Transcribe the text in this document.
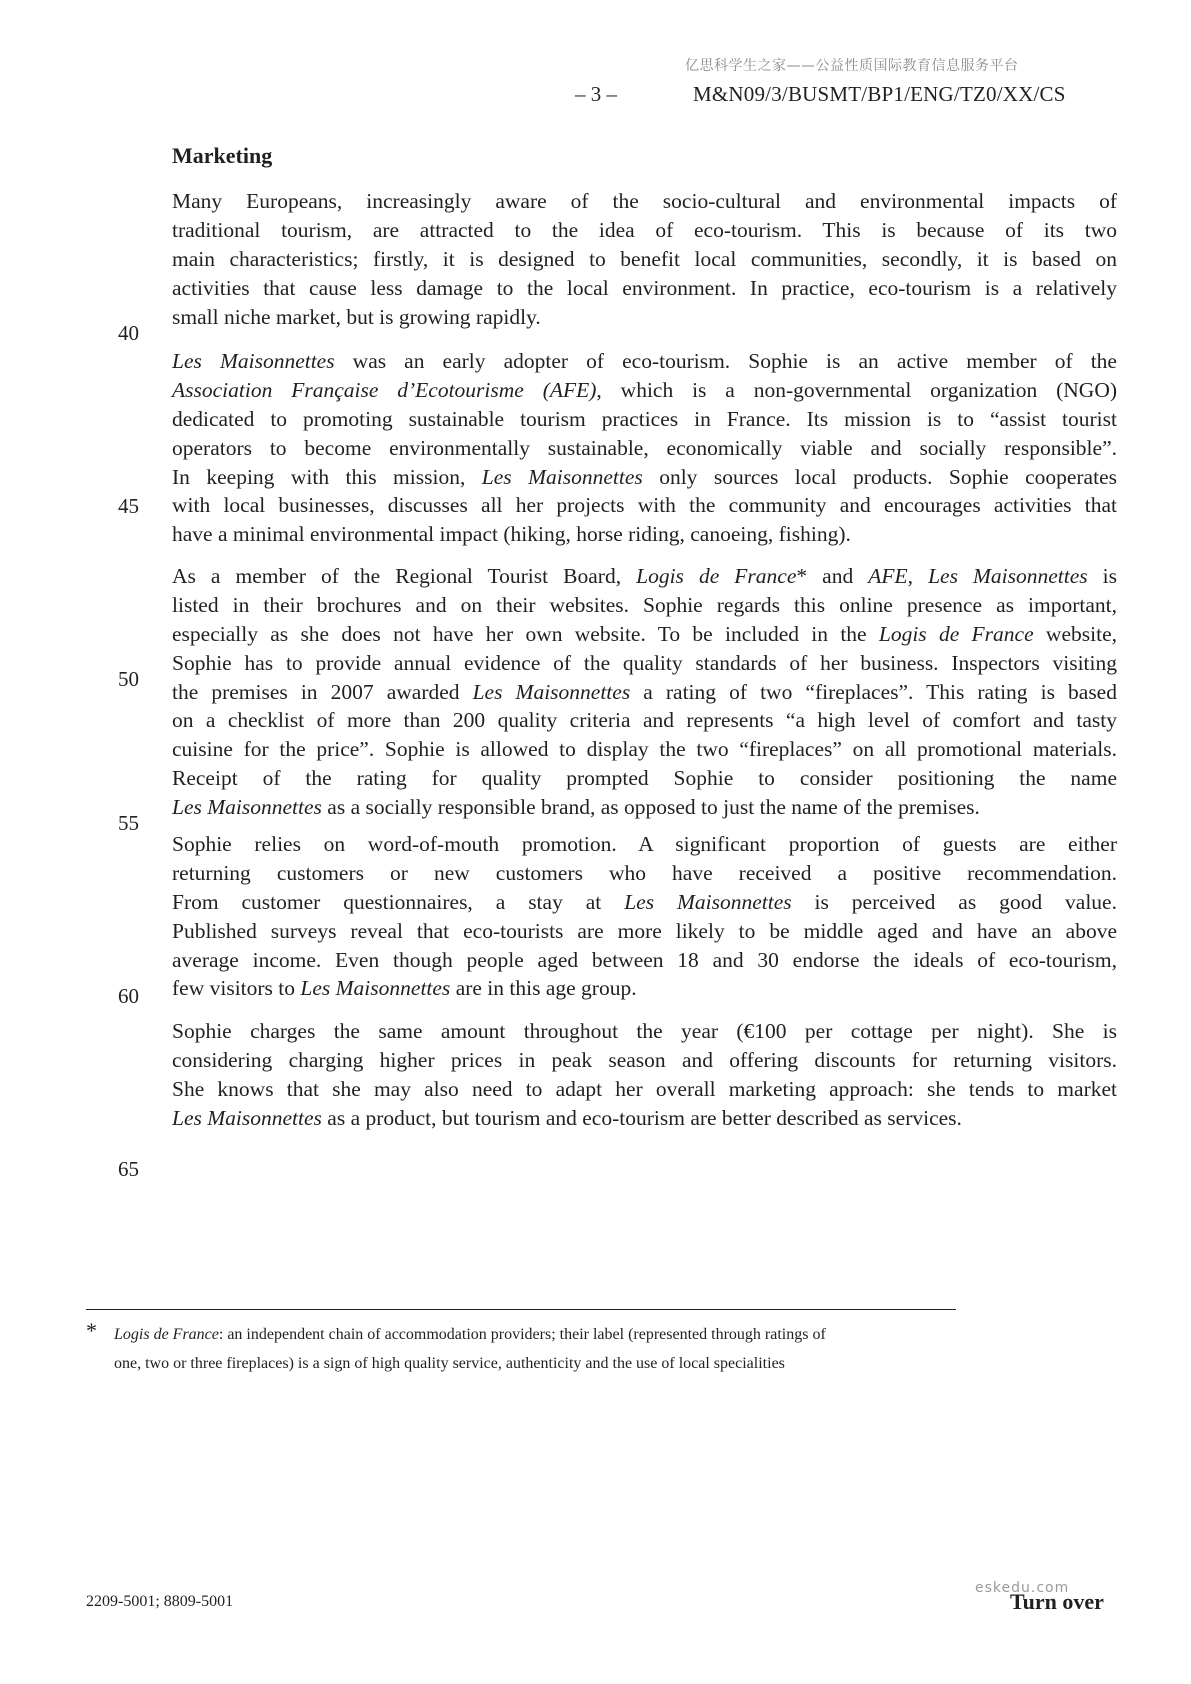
亿思科学生之家——公益性质国际教育信息服务平台
– 3 –	M&N09/3/BUSMT/BP1/ENG/TZ0/XX/CS
Marketing
Many Europeans, increasingly aware of the socio-cultural and environmental impacts of
traditional tourism, are attracted to the idea of eco-tourism. This is because of its two
main characteristics; firstly, it is designed to benefit local communities, secondly, it is based on
activities that cause less damage to the local environment. In practice, eco-tourism is a relatively
small niche market, but is growing rapidly.
Les Maisonnettes was an early adopter of eco-tourism. Sophie is an active member of the
Association Française d’Ecotourisme (AFE), which is a non-governmental organization (NGO)
dedicated to promoting sustainable tourism practices in France. Its mission is to “assist tourist
operators to become environmentally sustainable, economically viable and socially responsible”.
In keeping with this mission, Les Maisonnettes only sources local products. Sophie cooperates
with local businesses, discusses all her projects with the community and encourages activities that
have a minimal environmental impact (hiking, horse riding, canoeing, fishing).
As a member of the Regional Tourist Board, Logis de France* and AFE, Les Maisonnettes is
listed in their brochures and on their websites. Sophie regards this online presence as important,
especially as she does not have her own website. To be included in the Logis de France website,
Sophie has to provide annual evidence of the quality standards of her business. Inspectors visiting
the premises in 2007 awarded Les Maisonnettes a rating of two “fireplaces”. This rating is based
on a checklist of more than 200 quality criteria and represents “a high level of comfort and tasty
cuisine for the price”. Sophie is allowed to display the two “fireplaces” on all promotional materials.
Receipt of the rating for quality prompted Sophie to consider positioning the name
Les Maisonnettes as a socially responsible brand, as opposed to just the name of the premises.
Sophie relies on word-of-mouth promotion. A significant proportion of guests are either
returning customers or new customers who have received a positive recommendation.
From customer questionnaires, a stay at Les Maisonnettes is perceived as good value.
Published surveys reveal that eco-tourists are more likely to be middle aged and have an above
average income. Even though people aged between 18 and 30 endorse the ideals of eco-tourism,
few visitors to Les Maisonnettes are in this age group.
Sophie charges the same amount throughout the year (€100 per cottage per night). She is
considering charging higher prices in peak season and offering discounts for returning visitors.
She knows that she may also need to adapt her overall marketing approach: she tends to market
Les Maisonnettes as a product, but tourism and eco-tourism are better described as services.
40
45
50
55
60
65
* Logis de France: an independent chain of accommodation providers; their label (represented through ratings of
one, two or three fireplaces) is a sign of high quality service, authenticity and the use of local specialities
2209-5001; 8809-5001
eskedu.com
Turn over
